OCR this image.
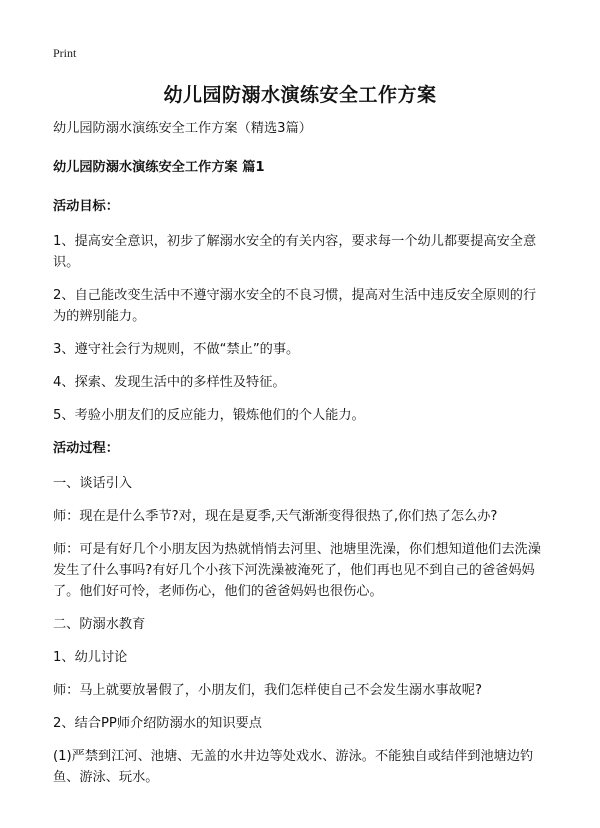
Print
幼儿园防溺水演练安全工作方案

幼儿园防溺水演练安全工作方案（精选3篇）

幼儿园防溺水演练安全工作方案 篇1

活动目标：

1、提高安全意识，初步了解溺水安全的有关内容，要求每一个幼儿都要提高安全意识。

2、自己能改变生活中不遵守溺水安全的不良习惯，提高对生活中违反安全原则的行为的辨别能力。

3、遵守社会行为规则，不做“禁止”的事。

4、探索、发现生活中的多样性及特征。

5、考验小朋友们的反应能力，锻炼他们的个人能力。

活动过程：

一、谈话引入

师：现在是什么季节?对，现在是夏季,天气渐渐变得很热了,你们热了怎么办?

师：可是有好几个小朋友因为热就悄悄去河里、池塘里洗澡，你们想知道他们去洗澡发生了什么事吗?有好几个小孩下河洗澡被淹死了，他们再也见不到自己的爸爸妈妈了。他们好可怜，老师伤心，他们的爸爸妈妈也很伤心。

二、防溺水教育

1、幼儿讨论

师：马上就要放暑假了，小朋友们，我们怎样使自己不会发生溺水事故呢?

2、结合PP师介绍防溺水的知识要点

(1)严禁到江河、池塘、无盖的水井边等处戏水、游泳。不能独自或结伴到池塘边钓鱼、游泳、玩水。
